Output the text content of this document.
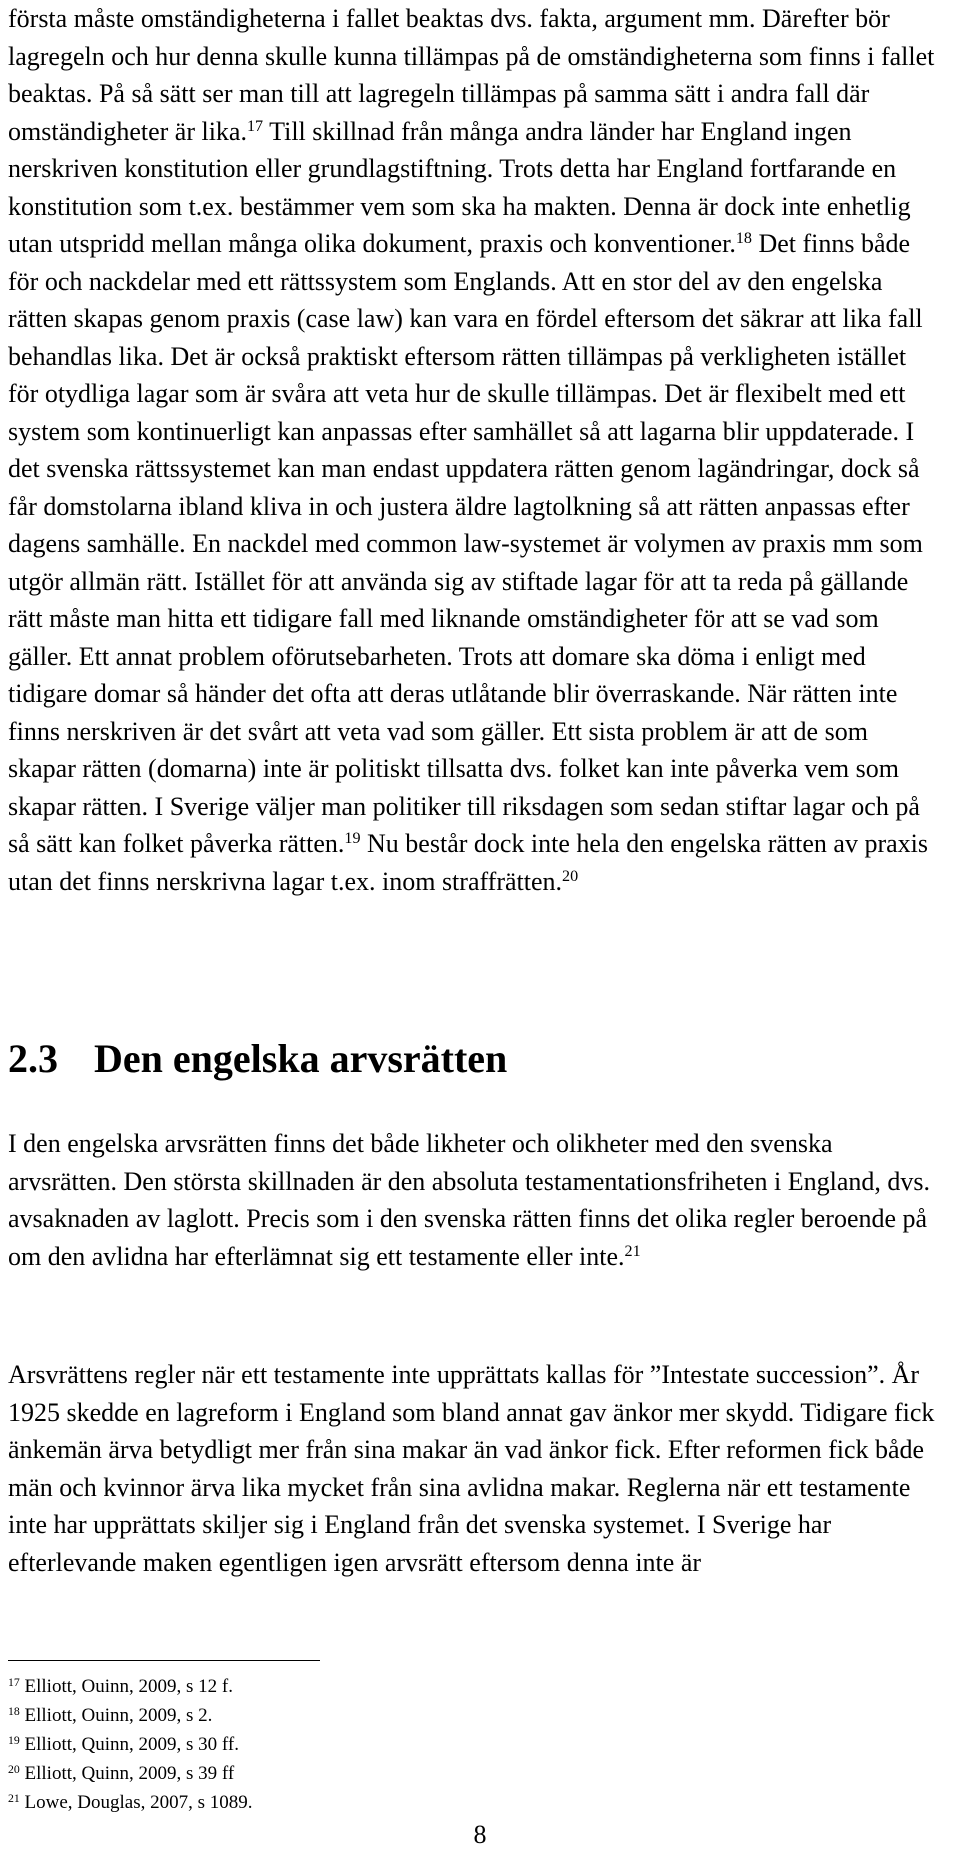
första måste omständigheterna i fallet beaktas dvs. fakta, argument mm. Därefter bör lagregeln och hur denna skulle kunna tillämpas på de omständigheterna som finns i fallet beaktas. På så sätt ser man till att lagregeln tillämpas på samma sätt i andra fall där omständigheter är lika.$^{17}$ Till skillnad från många andra länder har England ingen nerskriven konstitution eller grundlagstiftning. Trots detta har England fortfarande en konstitution som t.ex. bestämmer vem som ska ha makten. Denna är dock inte enhetlig utan utspridd mellan många olika dokument, praxis och konventioner.$^{18}$ Det finns både för och nackdelar med ett rättssystem som Englands. Att en stor del av den engelska rätten skapas genom praxis (case law) kan vara en fördel eftersom det säkrar att lika fall behandlas lika. Det är också praktiskt eftersom rätten tillämpas på verkligheten istället för otydliga lagar som är svåra att veta hur de skulle tillämpas. Det är flexibelt med ett system som kontinuerligt kan anpassas efter samhället så att lagarna blir uppdaterade. I det svenska rättssystemet kan man endast uppdatera rätten genom lagändringar, dock så får domstolarna ibland kliva in och justera äldre lagtolkning så att rätten anpassas efter dagens samhälle. En nackdel med common law-systemet är volymen av praxis mm som utgör allmän rätt. Istället för att använda sig av stiftade lagar för att ta reda på gällande rätt måste man hitta ett tidigare fall med liknande omständigheter för att se vad som gäller. Ett annat problem oförutsebarheten. Trots att domare ska döma i enligt med tidigare domar så händer det ofta att deras utlåtande blir överraskande. När rätten inte finns nerskriven är det svårt att veta vad som gäller. Ett sista problem är att de som skapar rätten (domarna) inte är politiskt tillsatta dvs. folket kan inte påverka vem som skapar rätten. I Sverige väljer man politiker till riksdagen som sedan stiftar lagar och på så sätt kan folket påverka rätten.$^{19}$ Nu består dock inte hela den engelska rätten av praxis utan det finns nerskrivna lagar t.ex. inom straffrätten.$^{20}$

2.3 Den engelska arvsrätten

I den engelska arvsrätten finns det både likheter och olikheter med den svenska arvsrätten. Den största skillnaden är den absoluta testamentationsfriheten i England, dvs. avsaknaden av laglott. Precis som i den svenska rätten finns det olika regler beroende på om den avlidna har efterlämnat sig ett testamente eller inte.$^{21}$

Arsvrättens regler när ett testamente inte upprättats kallas för ”Intestate succession”. År 1925 skedde en lagreform i England som bland annat gav änkor mer skydd. Tidigare fick änkemän ärva betydligt mer från sina makar än vad änkor fick. Efter reformen fick både män och kvinnor ärva lika mycket från sina avlidna makar. Reglerna när ett testamente inte har upprättats skiljer sig i England från det svenska systemet. I Sverige har efterlevande maken egentligen igen arvsrätt eftersom denna inte är

$^{17}$ Elliott, Ouinn, 2009, s 12 f.
$^{18}$ Elliott, Ouinn, 2009, s 2.
$^{19}$ Elliott, Quinn, 2009, s 30 ff.
$^{20}$ Elliott, Quinn, 2009, s 39 ff
$^{21}$ Lowe, Douglas, 2007, s 1089.
8
